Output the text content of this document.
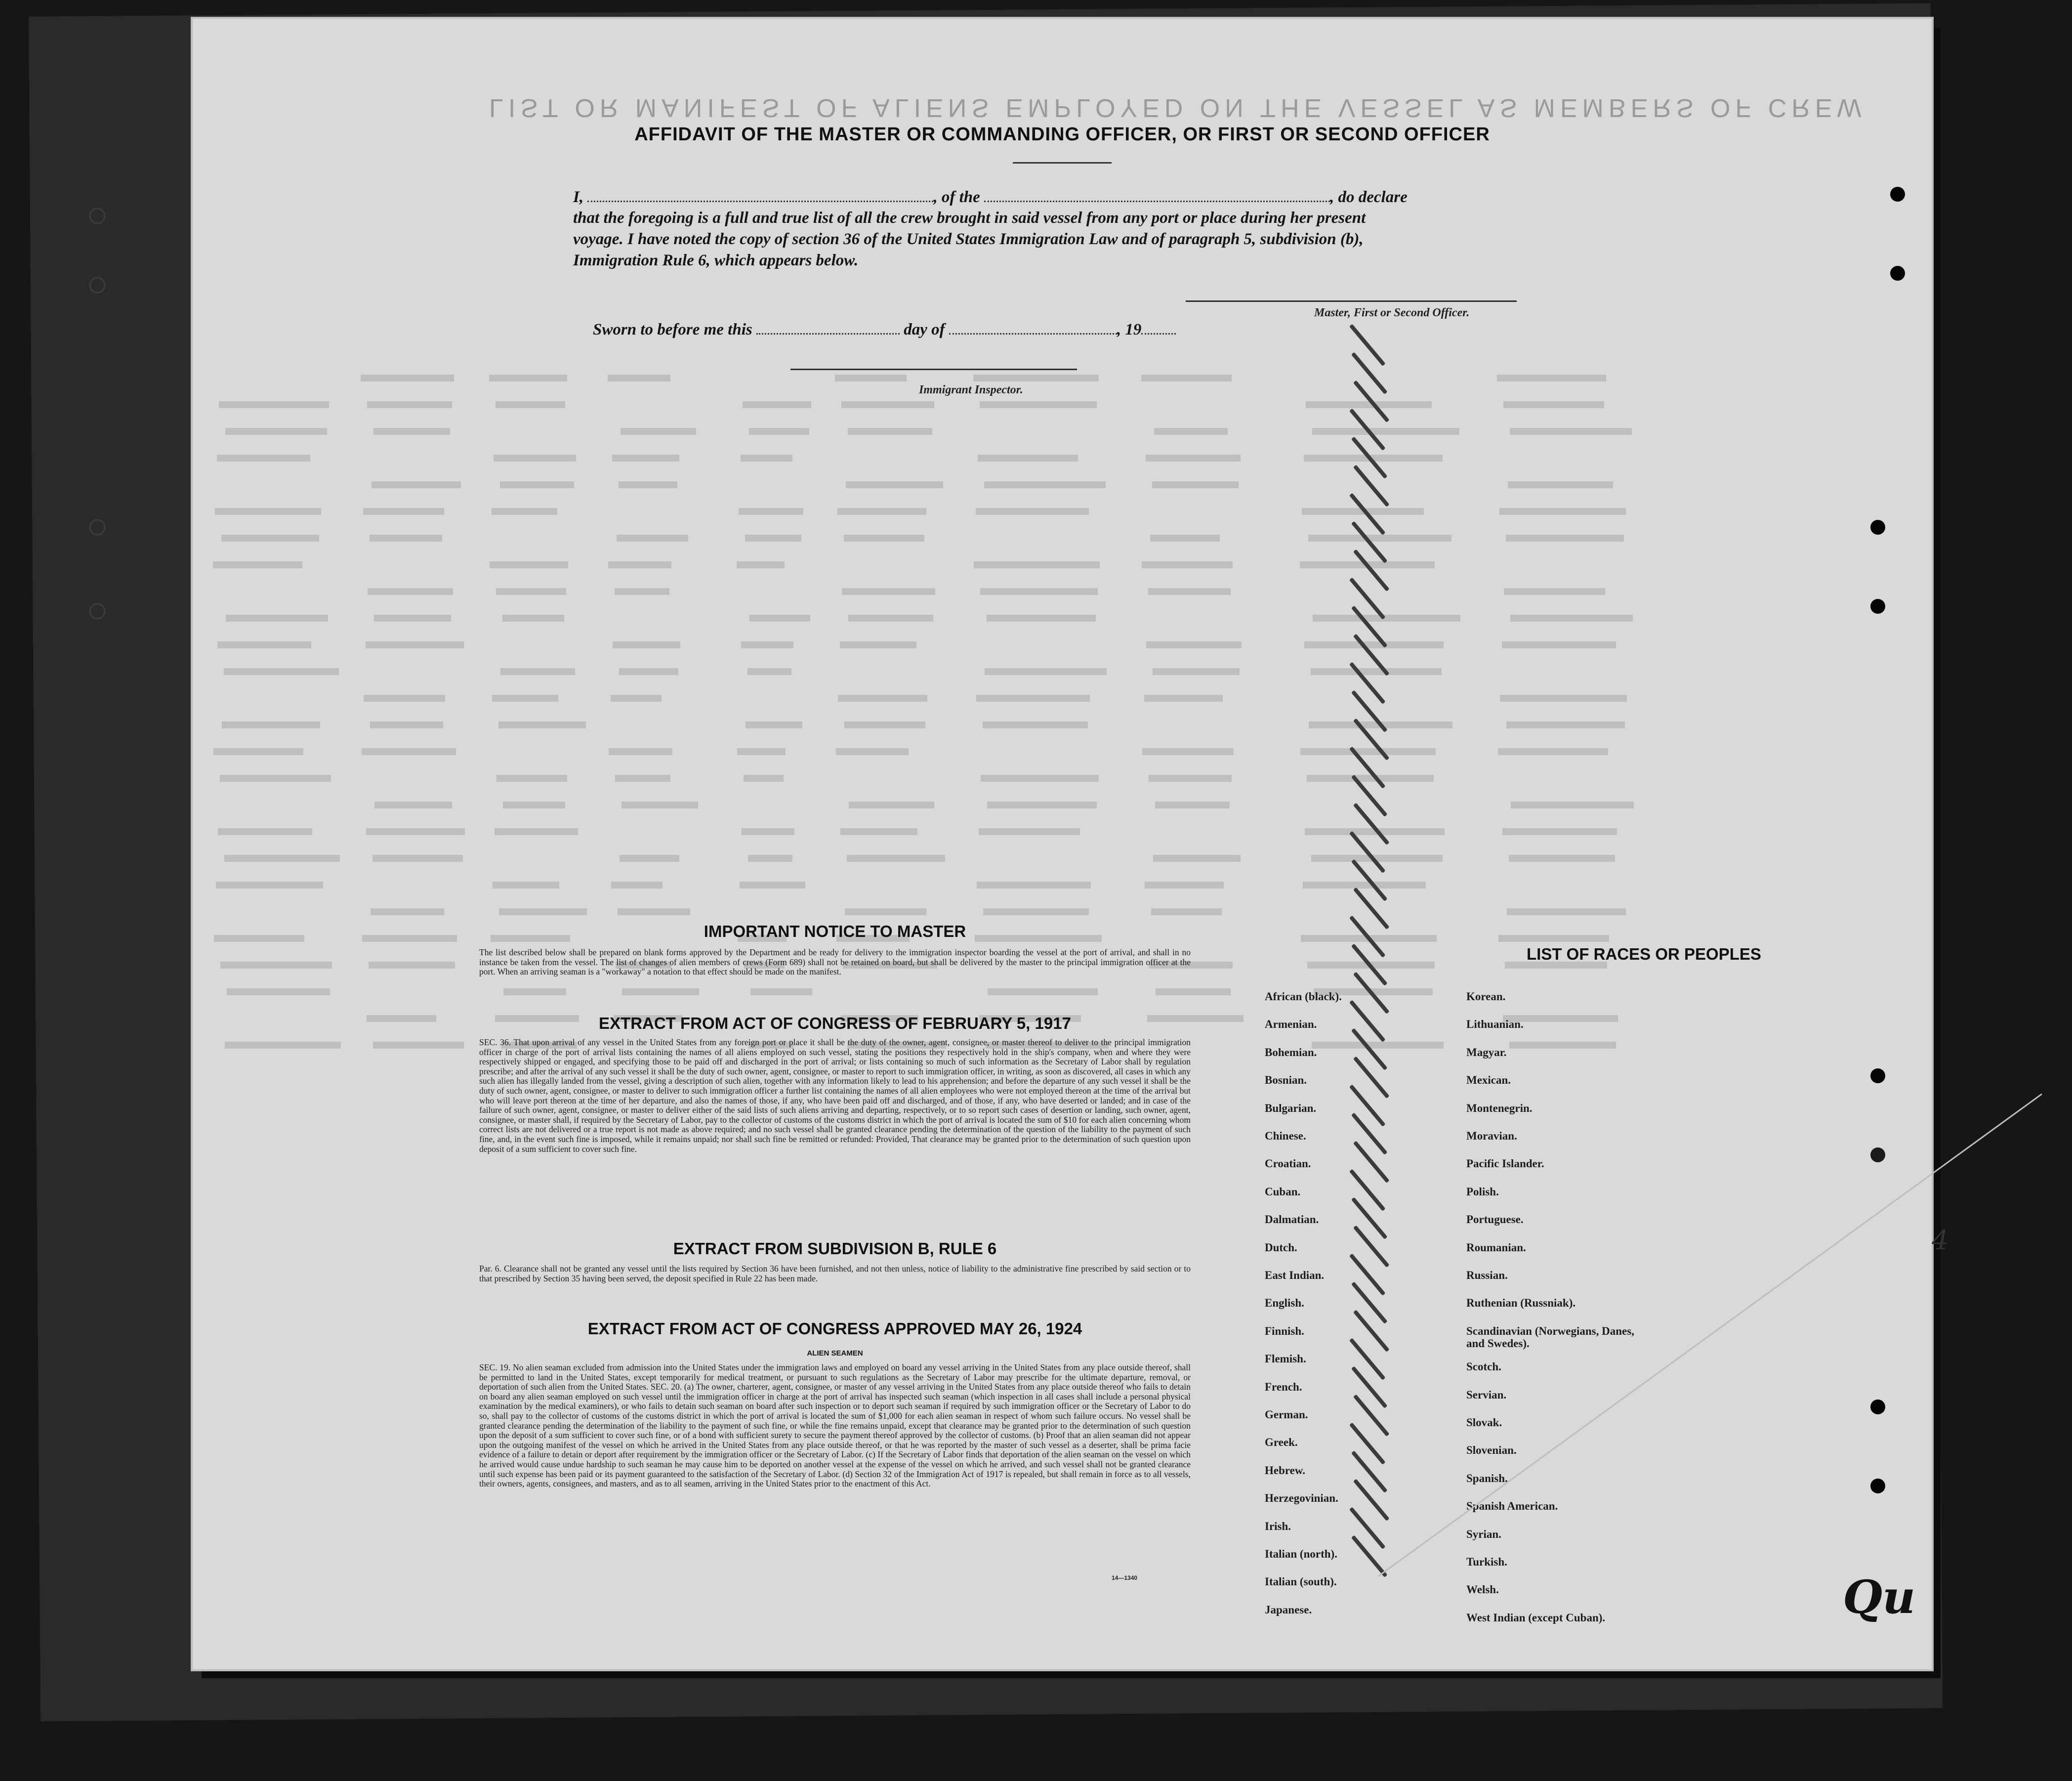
LIST OR MANIFEST OF ALIENS EMPLOYED ON THE VESSEL AS MEMBERS OF CREW
AFFIDAVIT OF THE MASTER OR COMMANDING OFFICER, OR FIRST OR SECOND OFFICER
I,	, of the	, do declare
that the foregoing is a full and true list of all the crew brought in said vessel from any port or place during her present
voyage. I have noted the copy of section 36 of the United States Immigration Law and of paragraph 5, subdivision (b),
Immigration Rule 6, which appears below.
Master, First or Second Officer.
Sworn to before me this	day of	, 19
Immigrant Inspector.
IMPORTANT NOTICE TO MASTER
The list described below shall be prepared on blank forms approved by the Department and be ready for delivery to the immigration inspector boarding the vessel at the port of arrival, and shall in no instance be taken from the vessel. The list of changes of alien members of crews (Form 689) shall not be retained on board, but shall be delivered by the master to the principal immigration officer at the port. When an arriving seaman is a "workaway" a notation to that effect should be made on the manifest.
EXTRACT FROM ACT OF CONGRESS OF FEBRUARY 5, 1917
SEC. 36. That upon arrival of any vessel in the United States from any foreign port or place it shall be the duty of the owner, agent, consignee, or master thereof to deliver to the principal immigration officer in charge of the port of arrival lists containing the names of all aliens employed on such vessel, stating the positions they respectively hold in the ship's company, when and where they were respectively shipped or engaged, and specifying those to be paid off and discharged in the port of arrival; or lists containing so much of such information as the Secretary of Labor shall by regulation prescribe; and after the arrival of any such vessel it shall be the duty of such owner, agent, consignee, or master to report to such immigration officer, in writing, as soon as discovered, all cases in which any such alien has illegally landed from the vessel, giving a description of such alien, together with any information likely to lead to his apprehension; and before the departure of any such vessel it shall be the duty of such owner, agent, consignee, or master to deliver to such immigration officer a further list containing the names of all alien employees who were not employed thereon at the time of the arrival but who will leave port thereon at the time of her departure, and also the names of those, if any, who have been paid off and discharged, and of those, if any, who have deserted or landed; and in case of the failure of such owner, agent, consignee, or master to deliver either of the said lists of such aliens arriving and departing, respectively, or to so report such cases of desertion or landing, such owner, agent, consignee, or master shall, if required by the Secretary of Labor, pay to the collector of customs of the customs district in which the port of arrival is located the sum of $10 for each alien concerning whom correct lists are not delivered or a true report is not made as above required; and no such vessel shall be granted clearance pending the determination of the question of the liability to the payment of such fine, and, in the event such fine is imposed, while it remains unpaid; nor shall such fine be remitted or refunded: Provided, That clearance may be granted prior to the determination of such question upon deposit of a sum sufficient to cover such fine.
EXTRACT FROM SUBDIVISION B, RULE 6
Par. 6. Clearance shall not be granted any vessel until the lists required by Section 36 have been furnished, and not then unless, notice of liability to the administrative fine prescribed by said section or to that prescribed by Section 35 having been served, the deposit specified in Rule 22 has been made.
EXTRACT FROM ACT OF CONGRESS APPROVED MAY 26, 1924
ALIEN SEAMEN
SEC. 19. No alien seaman excluded from admission into the United States under the immigration laws and employed on board any vessel arriving in the United States from any place outside thereof, shall be permitted to land in the United States, except temporarily for medical treatment, or pursuant to such regulations as the Secretary of Labor may prescribe for the ultimate departure, removal, or deportation of such alien from the United States. SEC. 20. (a) The owner, charterer, agent, consignee, or master of any vessel arriving in the United States from any place outside thereof who fails to detain on board any alien seaman employed on such vessel until the immigration officer in charge at the port of arrival has inspected such seaman (which inspection in all cases shall include a personal physical examination by the medical examiners), or who fails to detain such seaman on board after such inspection or to deport such seaman if required by such immigration officer or the Secretary of Labor to do so, shall pay to the collector of customs of the customs district in which the port of arrival is located the sum of $1,000 for each alien seaman in respect of whom such failure occurs. No vessel shall be granted clearance pending the determination of the liability to the payment of such fine, or while the fine remains unpaid, except that clearance may be granted prior to the determination of such question upon the deposit of a sum sufficient to cover such fine, or of a bond with sufficient surety to secure the payment thereof approved by the collector of customs. (b) Proof that an alien seaman did not appear upon the outgoing manifest of the vessel on which he arrived in the United States from any place outside thereof, or that he was reported by the master of such vessel as a deserter, shall be prima facie evidence of a failure to detain or deport after requirement by the immigration officer or the Secretary of Labor. (c) If the Secretary of Labor finds that deportation of the alien seaman on the vessel on which he arrived would cause undue hardship to such seaman he may cause him to be deported on another vessel at the expense of the vessel on which he arrived, and such vessel shall not be granted clearance until such expense has been paid or its payment guaranteed to the satisfaction of the Secretary of Labor. (d) Section 32 of the Immigration Act of 1917 is repealed, but shall remain in force as to all vessels, their owners, agents, consignees, and masters, and as to all seamen, arriving in the United States prior to the enactment of this Act.
14—1340
LIST OF RACES OR PEOPLES
African (black).
Armenian.
Bohemian.
Bosnian.
Bulgarian.
Chinese.
Croatian.
Cuban.
Dalmatian.
Dutch.
East Indian.
English.
Finnish.
Flemish.
French.
German.
Greek.
Hebrew.
Herzegovinian.
Irish.
Italian (north).
Italian (south).
Japanese.
Korean.
Lithuanian.
Magyar.
Mexican.
Montenegrin.
Moravian.
Pacific Islander.
Polish.
Portuguese.
Roumanian.
Russian.
Ruthenian (Russniak).
Scandinavian (Norwegians, Danes, and Swedes).
Scotch.
Servian.
Slovak.
Slovenian.
Spanish.
Spanish American.
Syrian.
Turkish.
Welsh.
West Indian (except Cuban).
4
Qu
